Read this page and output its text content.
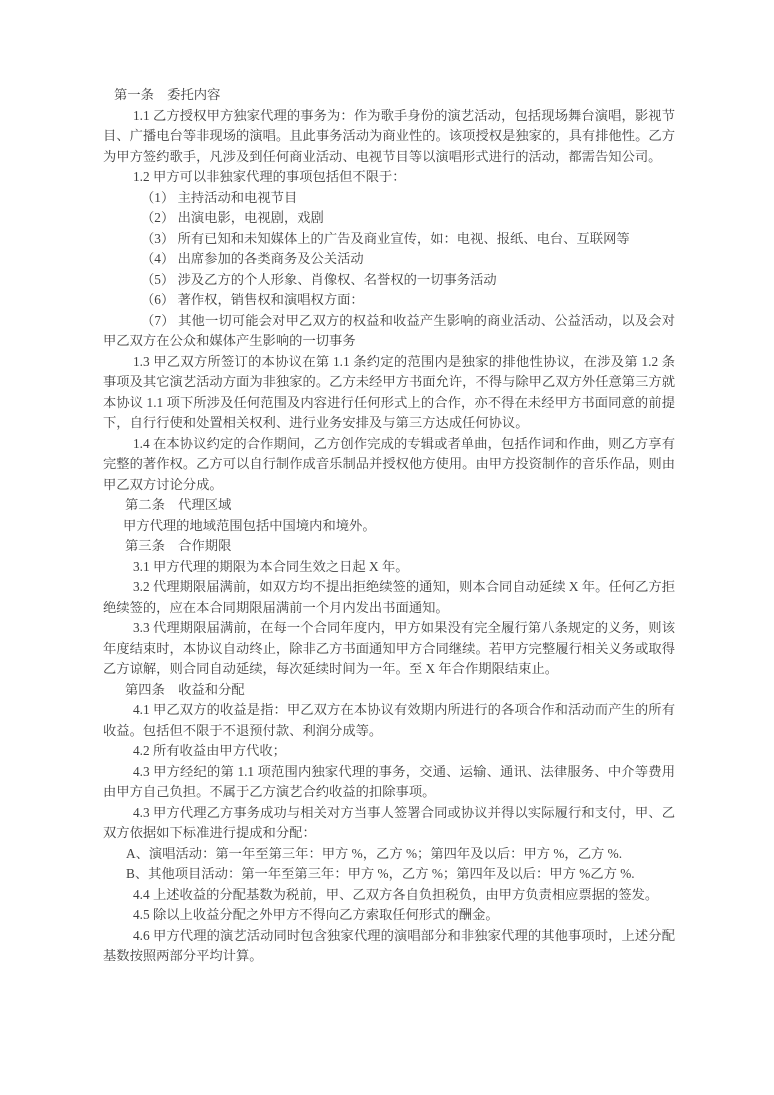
第一条　委托内容

1.1 乙方授权甲方独家代理的事务为：作为歌手身份的演艺活动，包括现场舞台演唱，影视节目、广播电台等非现场的演唱。且此事务活动为商业性的。该项授权是独家的，具有排他性。乙方为甲方签约歌手，凡涉及到任何商业活动、电视节目等以演唱形式进行的活动，都需告知公司。

1.2 甲方可以非独家代理的事项包括但不限于：

（1） 主持活动和电视节目

（2） 出演电影，电视剧，戏剧

（3） 所有已知和未知媒体上的广告及商业宣传，如：电视、报纸、电台、互联网等

（4） 出席参加的各类商务及公关活动

（5） 涉及乙方的个人形象、肖像权、名誉权的一切事务活动

（6） 著作权，销售权和演唱权方面：

（7） 其他一切可能会对甲乙双方的权益和收益产生影响的商业活动、公益活动，以及会对甲乙双方在公众和媒体产生影响的一切事务

1.3 甲乙双方所签订的本协议在第 1.1 条约定的范围内是独家的排他性协议，在涉及第 1.2 条事项及其它演艺活动方面为非独家的。乙方未经甲方书面允许，不得与除甲乙双方外任意第三方就本协议 1.1 项下所涉及任何范围及内容进行任何形式上的合作，亦不得在未经甲方书面同意的前提下，自行行使和处置相关权利、进行业务安排及与第三方达成任何协议。

1.4 在本协议约定的合作期间，乙方创作完成的专辑或者单曲，包括作词和作曲，则乙方享有完整的著作权。乙方可以自行制作成音乐制品并授权他方使用。由甲方投资制作的音乐作品，则由甲乙双方讨论分成。

第二条　代理区域

甲方代理的地域范围包括中国境内和境外。

第三条　合作期限

3.1 甲方代理的期限为本合同生效之日起 X 年。

3.2 代理期限届满前，如双方均不提出拒绝续签的通知，则本合同自动延续 X 年。任何乙方拒绝续签的，应在本合同期限届满前一个月内发出书面通知。

3.3 代理期限届满前，在每一个合同年度内，甲方如果没有完全履行第八条规定的义务，则该年度结束时，本协议自动终止，除非乙方书面通知甲方合同继续。若甲方完整履行相关义务或取得乙方谅解，则合同自动延续，每次延续时间为一年。至 X 年合作期限结束止。

第四条　收益和分配

4.1 甲乙双方的收益是指：甲乙双方在本协议有效期内所进行的各项合作和活动而产生的所有收益。包括但不限于不退预付款、利润分成等。

4.2 所有收益由甲方代收；

4.3 甲方经纪的第 1.1 项范围内独家代理的事务，交通、运输、通讯、法律服务、中介等费用由甲方自己负担。不属于乙方演艺合约收益的扣除事项。

4.3 甲方代理乙方事务成功与相关对方当事人签署合同或协议并得以实际履行和支付，甲、乙双方依据如下标准进行提成和分配：

A、演唱活动：第一年至第三年：甲方 %，乙方 %；第四年及以后：甲方 %，乙方 %.

B、其他项目活动：第一年至第三年：甲方 %，乙方 %；第四年及以后：甲方 %乙方 %.

4.4 上述收益的分配基数为税前，甲、乙双方各自负担税负，由甲方负责相应票据的签发。

4.5 除以上收益分配之外甲方不得向乙方索取任何形式的酬金。

4.6 甲方代理的演艺活动同时包含独家代理的演唱部分和非独家代理的其他事项时，上述分配基数按照两部分平均计算。
